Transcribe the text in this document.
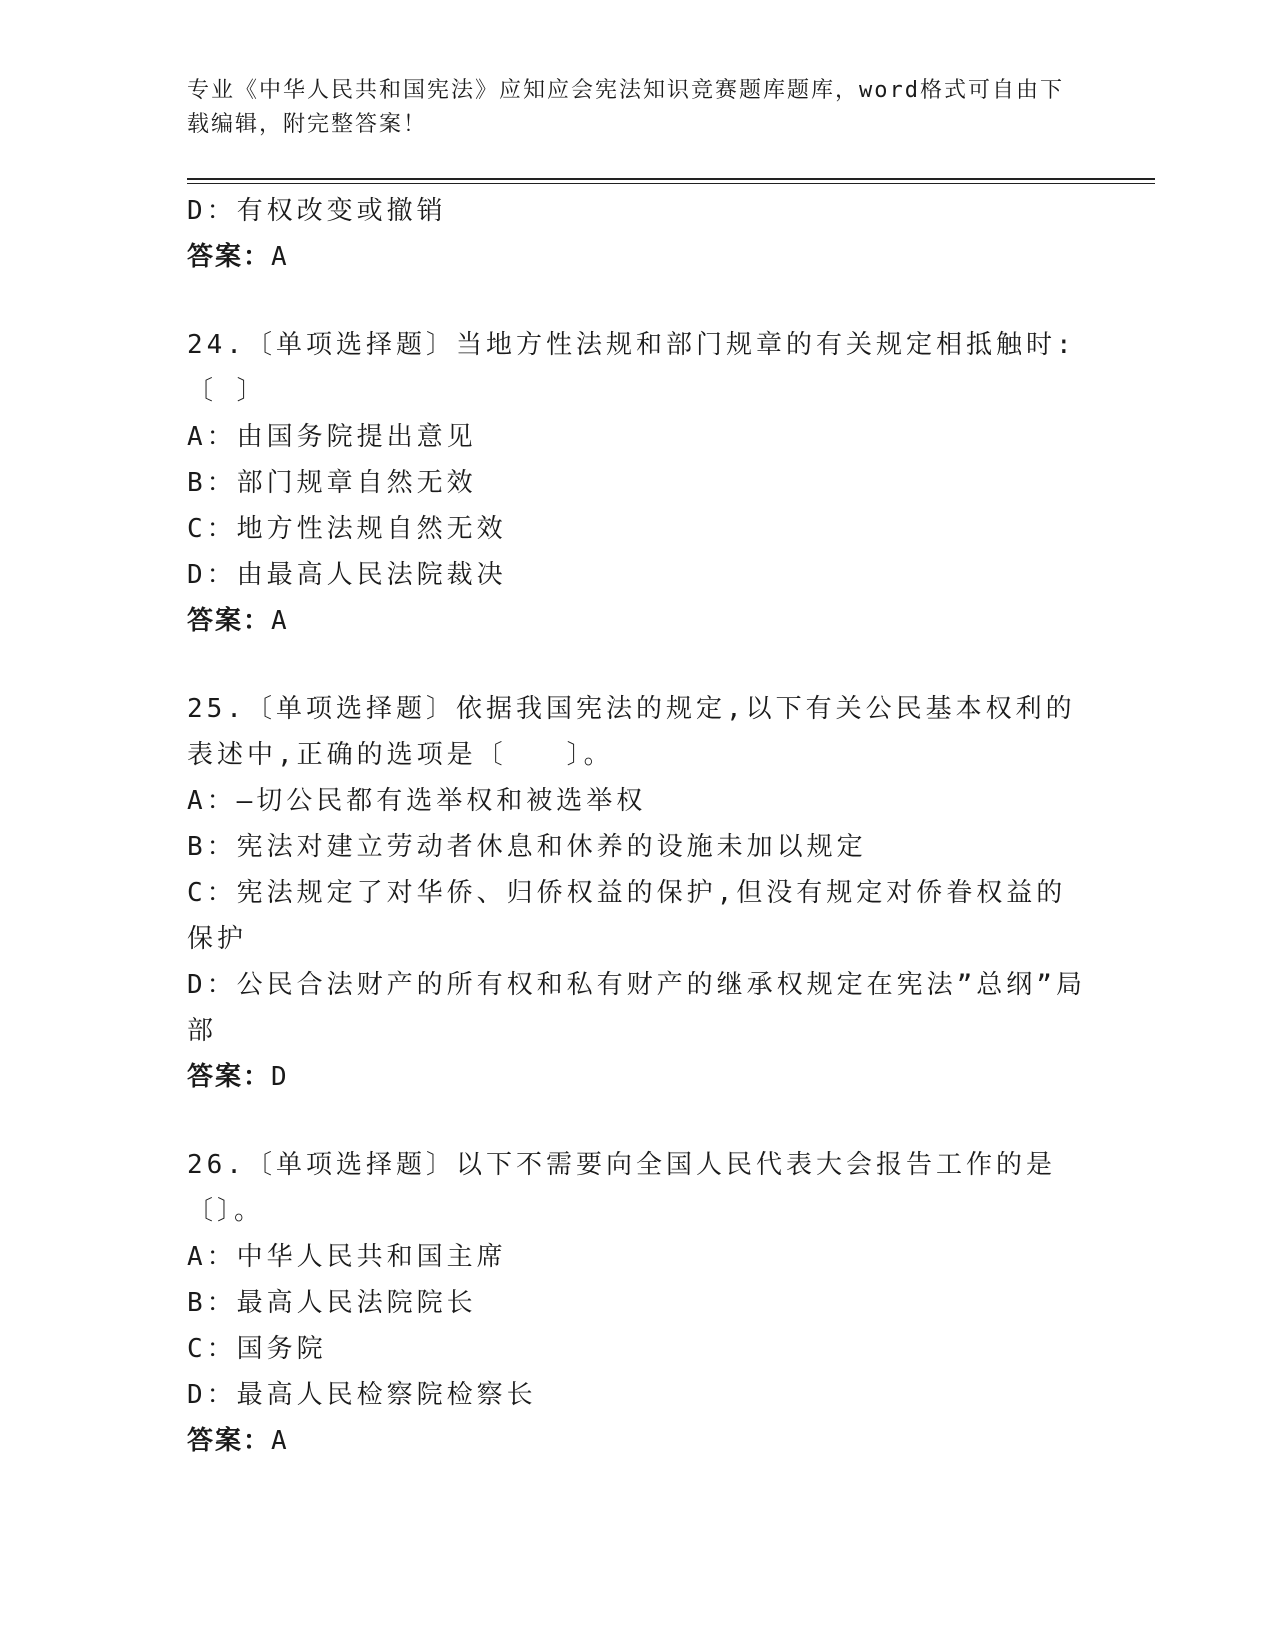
专业《中华人民共和国宪法》应知应会宪法知识竞赛题库题库，word格式可自由下载编辑，附完整答案！
D：有权改变或撤销
答案：A
24.〔单项选择题〕当地方性法规和部门规章的有关规定相抵触时:〔 〕
A：由国务院提出意见
B：部门规章自然无效
C：地方性法规自然无效
D：由最高人民法院裁决
答案：A
25.〔单项选择题〕依据我国宪法的规定,以下有关公民基本权利的表述中,正确的选项是〔　　〕。
A：—切公民都有选举权和被选举权
B：宪法对建立劳动者休息和休养的设施未加以规定
C：宪法规定了对华侨、归侨权益的保护,但没有规定对侨眷权益的保护
D：公民合法财产的所有权和私有财产的继承权规定在宪法”总纲”局部
答案：D
26.〔单项选择题〕以下不需要向全国人民代表大会报告工作的是〔〕。
A：中华人民共和国主席
B：最高人民法院院长
C：国务院
D：最高人民检察院检察长
答案：A
